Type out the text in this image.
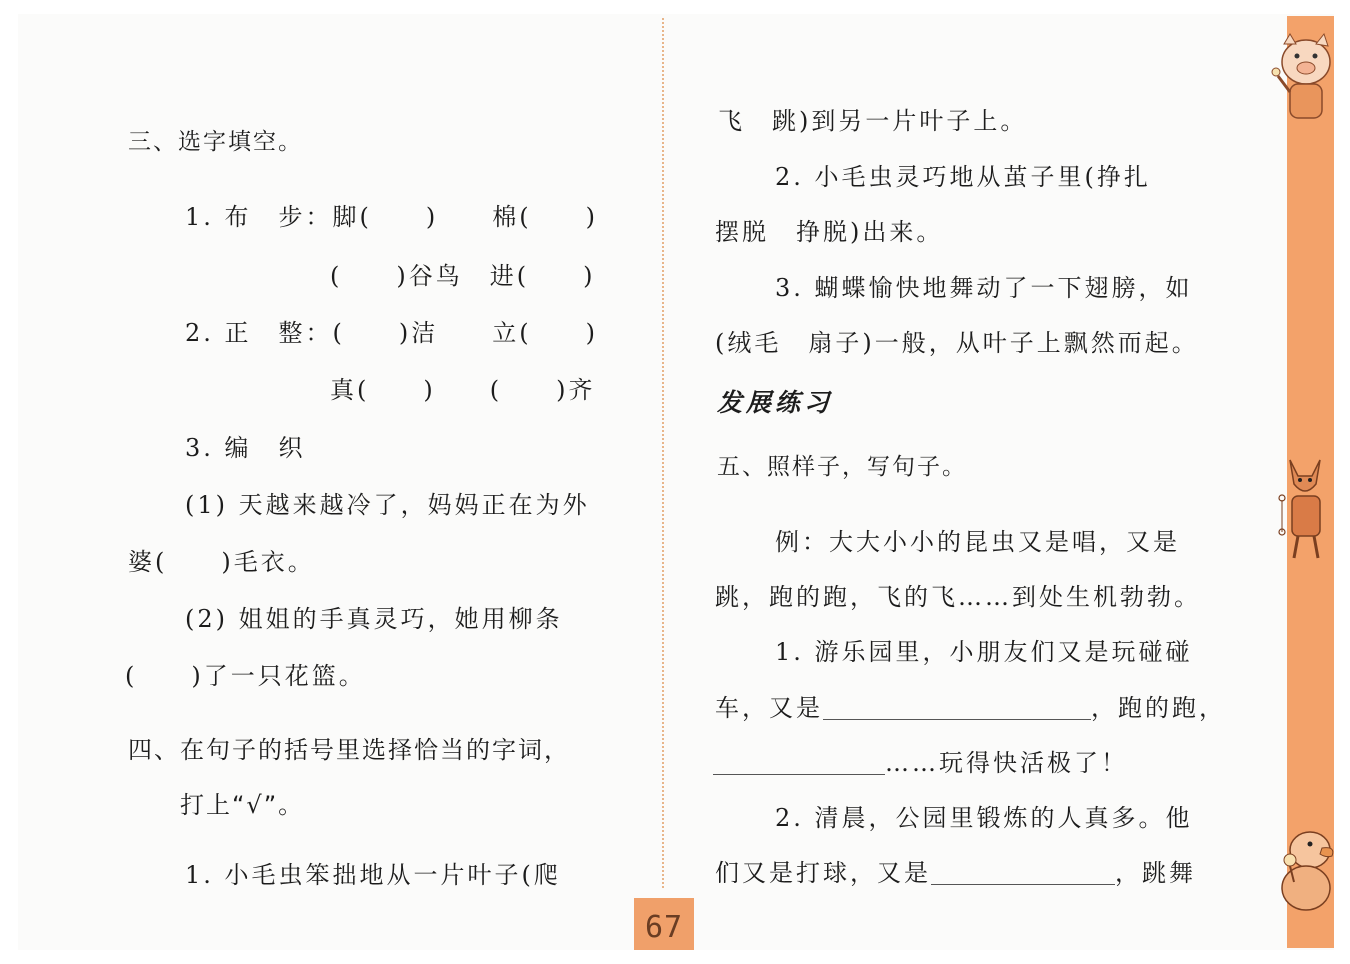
三、选字填空。
1. 布　步：脚(　　)　　棉(　　)
(　　)谷鸟　进(　　)
2. 正　整：(　　)洁　　立(　　)
真(　　)　　(　　)齐
3. 编　织
(1) 天越来越冷了，妈妈正在为外
婆(　　)毛衣。
(2) 姐姐的手真灵巧，她用柳条
(　　)了一只花篮。
四、在句子的括号里选择恰当的字词，
打上“√”。
1. 小毛虫笨拙地从一片叶子(爬
飞　跳)到另一片叶子上。
2. 小毛虫灵巧地从茧子里(挣扎
摆脱　挣脱)出来。
3. 蝴蝶愉快地舞动了一下翅膀，如
(绒毛　扇子)一般，从叶子上飘然而起。
发展练习
五、照样子，写句子。
例：大大小小的昆虫又是唱，又是
跳，跑的跑，飞的飞……到处生机勃勃。
1. 游乐园里，小朋友们又是玩碰碰
车，又是	，跑的跑，
……玩得快活极了！
2. 清晨，公园里锻炼的人真多。他
们又是打球，又是	，跳舞
67
